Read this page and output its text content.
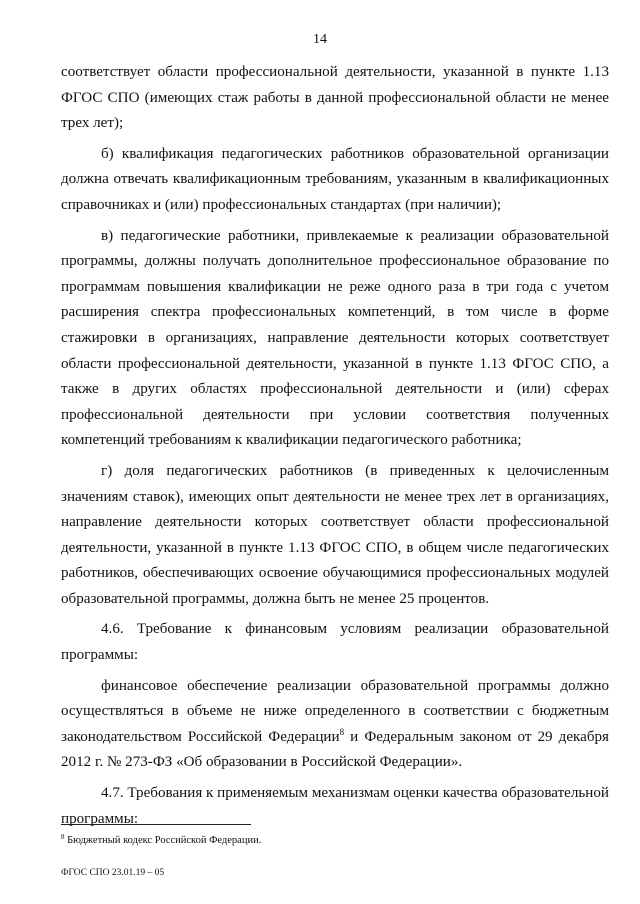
14

соответствует области профессиональной деятельности, указанной в пункте 1.13 ФГОС СПО (имеющих стаж работы в данной профессиональной области не менее трех лет);

б) квалификация педагогических работников образовательной организации должна отвечать квалификационным требованиям, указанным в квалификационных справочниках и (или) профессиональных стандартах (при наличии);

в) педагогические работники, привлекаемые к реализации образовательной программы, должны получать дополнительное профессиональное образование по программам повышения квалификации не реже одного раза в три года с учетом расширения спектра профессиональных компетенций, в том числе в форме стажировки в организациях, направление деятельности которых соответствует области профессиональной деятельности, указанной в пункте 1.13 ФГОС СПО, а также в других областях профессиональной деятельности и (или) сферах профессиональной деятельности при условии соответствия полученных компетенций требованиям к квалификации педагогического работника;

г) доля педагогических работников (в приведенных к целочисленным значениям ставок), имеющих опыт деятельности не менее трех лет в организациях, направление деятельности которых соответствует области профессиональной деятельности, указанной в пункте 1.13 ФГОС СПО, в общем числе педагогических работников, обеспечивающих освоение обучающимися профессиональных модулей образовательной программы, должна быть не менее 25 процентов.

4.6. Требование к финансовым условиям реализации образовательной программы:

финансовое обеспечение реализации образовательной программы должно осуществляться в объеме не ниже определенного в соответствии с бюджетным законодательством Российской Федерации$^8$ и Федеральным законом от 29 декабря 2012 г. № 273-ФЗ «Об образовании в Российской Федерации».

4.7. Требования к применяемым механизмам оценки качества образовательной программы:

$^8$ Бюджетный кодекс Российской Федерации.
ФГОС СПО 23.01.19 – 05
